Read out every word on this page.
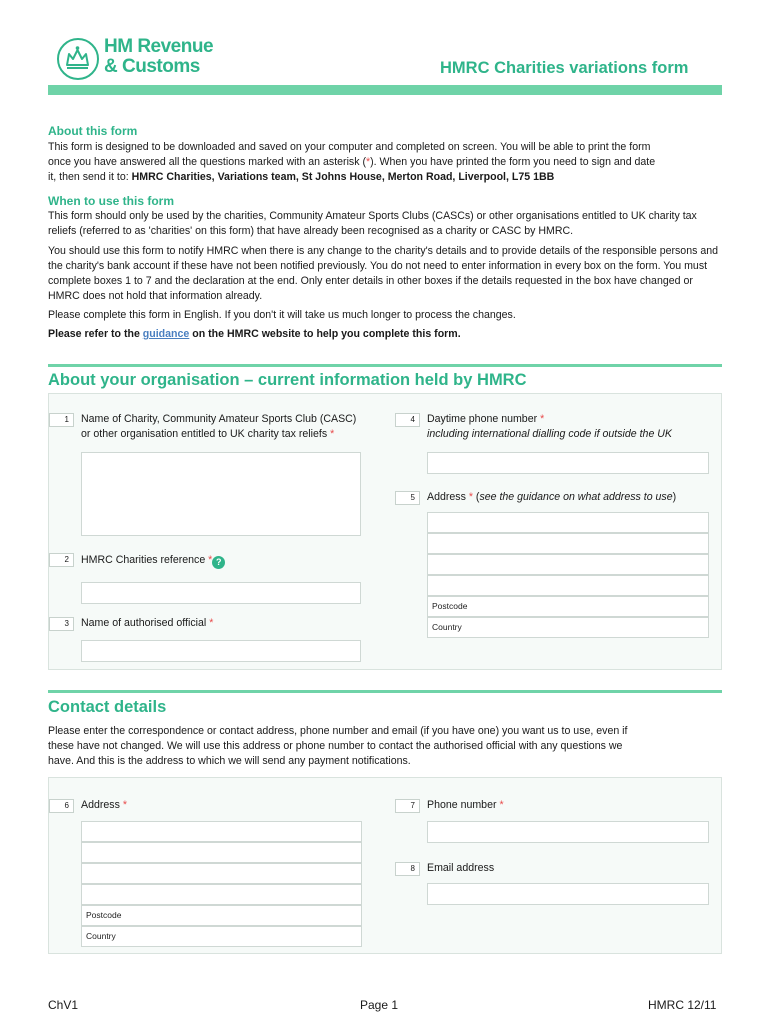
HM Revenue
& Customs	HMRC Charities variations form
About this form
This form is designed to be downloaded and saved on your computer and completed on screen. You will be able to print the form
once you have answered all the questions marked with an asterisk (*). When you have printed the form you need to sign and date
it, then send it to: HMRC Charities, Variations team, St Johns House, Merton Road, Liverpool, L75 1BB
When to use this form
This form should only be used by the charities, Community Amateur Sports Clubs (CASCs) or other organisations entitled to UK charity tax reliefs (referred to as 'charities' on this form) that have already been recognised as a charity or CASC by HMRC.
You should use this form to notify HMRC when there is any change to the charity's details and to provide details of the responsible persons and the charity's bank account if these have not been notified previously. You do not need to enter information in every box on the form. You must complete boxes 1 to 7 and the declaration at the end. Only enter details in other boxes if the details requested in the box have changed or HMRC does not hold that information already.
Please complete this form in English. If you don't it will take us much longer to process the changes.
Please refer to the guidance on the HMRC website to help you complete this form.
About your organisation – current information held by HMRC
1	Name of Charity, Community Amateur Sports Club (CASC)
or other organisation entitled to UK charity tax reliefs *
2	HMRC Charities reference * ?
3	Name of authorised official *
4	Daytime phone number *
including international dialling code if outside the UK
5	Address * (see the guidance on what address to use)
Postcode
Country
Contact details
Please enter the correspondence or contact address, phone number and email (if you have one) you want us to use, even if these have not changed. We will use this address or phone number to contact the authorised official with any questions we have. And this is the address to which we will send any payment notifications.
6	Address *
Postcode
Country
7	Phone number *
8	Email address
ChV1	Page 1	HMRC 12/11
